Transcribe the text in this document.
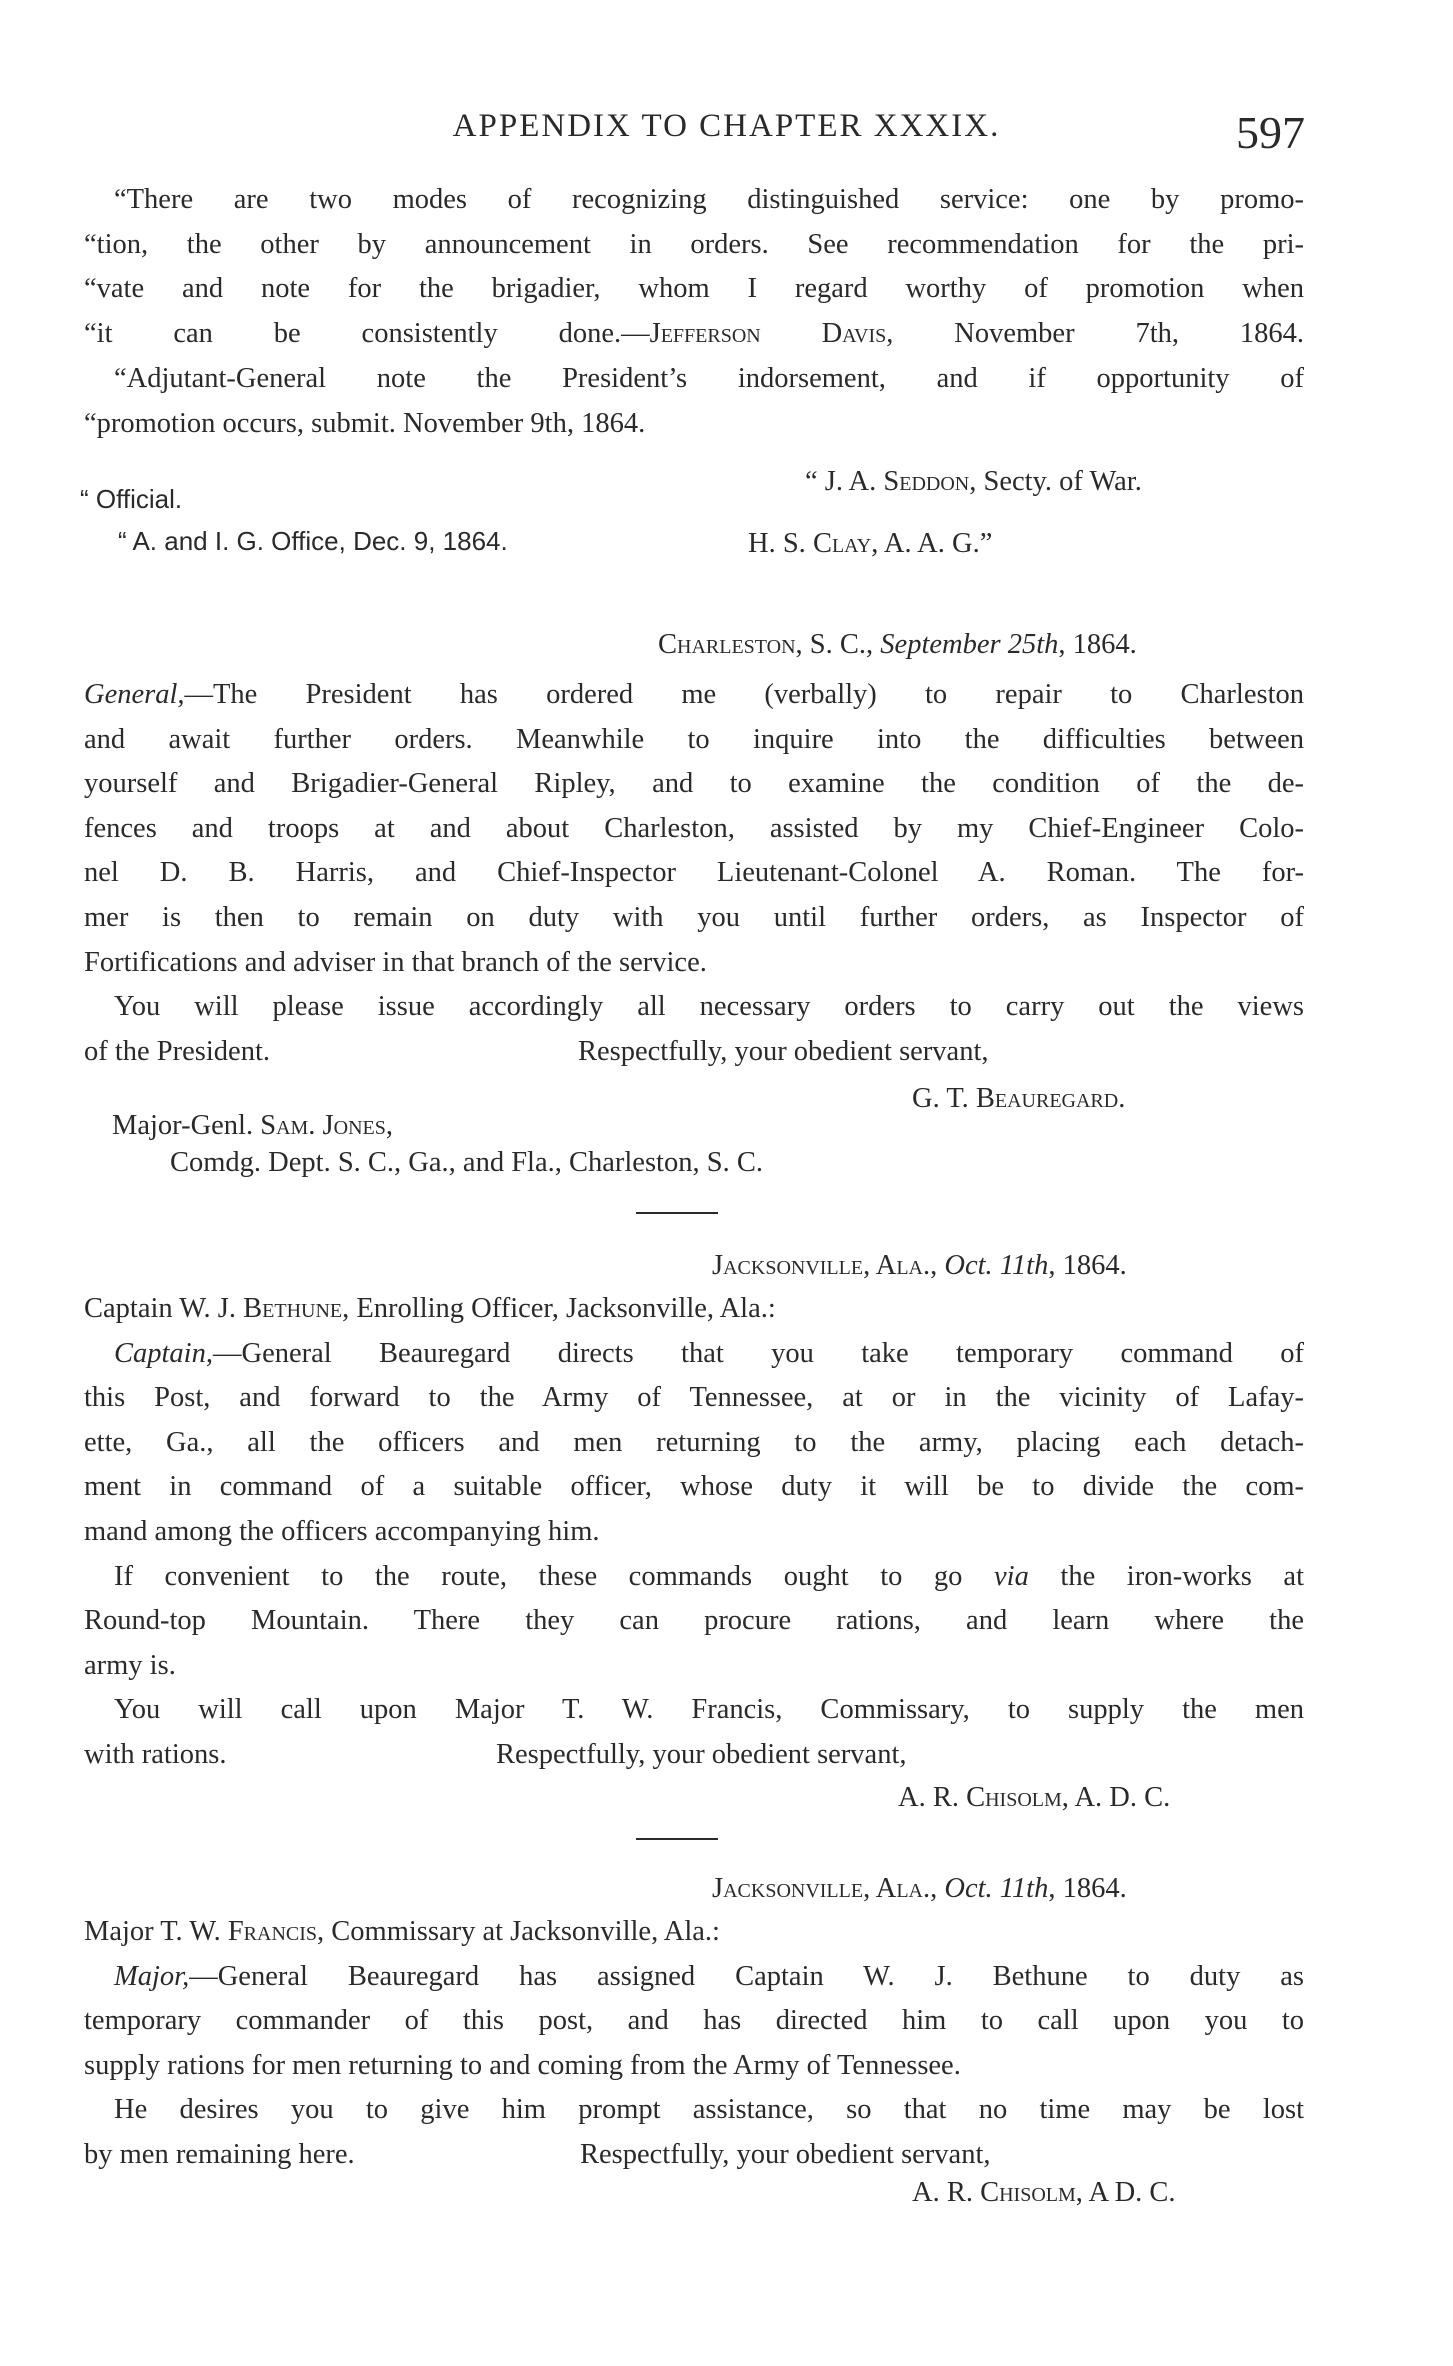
APPENDIX TO CHAPTER XXXIX.	597
“There are two modes of recognizing distinguished service: one by promo-
“tion, the other by announcement in orders. See recommendation for the pri-
“vate and note for the brigadier, whom I regard worthy of promotion when
“it can be consistently done.—Jefferson Davis, November 7th, 1864.
“Adjutant-General note the President’s indorsement, and if opportunity of
“promotion occurs, submit. November 9th, 1864.
“ J. A. Seddon, Secty. of War.
“ Official.
“ A. and I. G. Office, Dec. 9, 1864.	H. S. Clay, A. A. G.”
Charleston, S. C., September 25th, 1864.
General,—The President has ordered me (verbally) to repair to Charleston
and await further orders. Meanwhile to inquire into the difficulties between
yourself and Brigadier-General Ripley, and to examine the condition of the de-
fences and troops at and about Charleston, assisted by my Chief-Engineer Colo-
nel D. B. Harris, and Chief-Inspector Lieutenant-Colonel A. Roman. The for-
mer is then to remain on duty with you until further orders, as Inspector of
Fortifications and adviser in that branch of the service.
You will please issue accordingly all necessary orders to carry out the views
of the President.	Respectfully, your obedient servant,
G. T. Beauregard.
Major-Genl. Sam. Jones,
Comdg. Dept. S. C., Ga., and Fla., Charleston, S. C.
Jacksonville, Ala., Oct. 11th, 1864.
Captain W. J. Bethune, Enrolling Officer, Jacksonville, Ala.:
Captain,—General Beauregard directs that you take temporary command of
this Post, and forward to the Army of Tennessee, at or in the vicinity of Lafay-
ette, Ga., all the officers and men returning to the army, placing each detach-
ment in command of a suitable officer, whose duty it will be to divide the com-
mand among the officers accompanying him.
If convenient to the route, these commands ought to go via the iron-works at
Round-top Mountain. There they can procure rations, and learn where the
army is.
You will call upon Major T. W. Francis, Commissary, to supply the men
with rations.	Respectfully, your obedient servant,
A. R. Chisolm, A. D. C.
Jacksonville, Ala., Oct. 11th, 1864.
Major T. W. Francis, Commissary at Jacksonville, Ala.:
Major,—General Beauregard has assigned Captain W. J. Bethune to duty as
temporary commander of this post, and has directed him to call upon you to
supply rations for men returning to and coming from the Army of Tennessee.
He desires you to give him prompt assistance, so that no time may be lost
by men remaining here.	Respectfully, your obedient servant,
A. R. Chisolm, A D. C.
